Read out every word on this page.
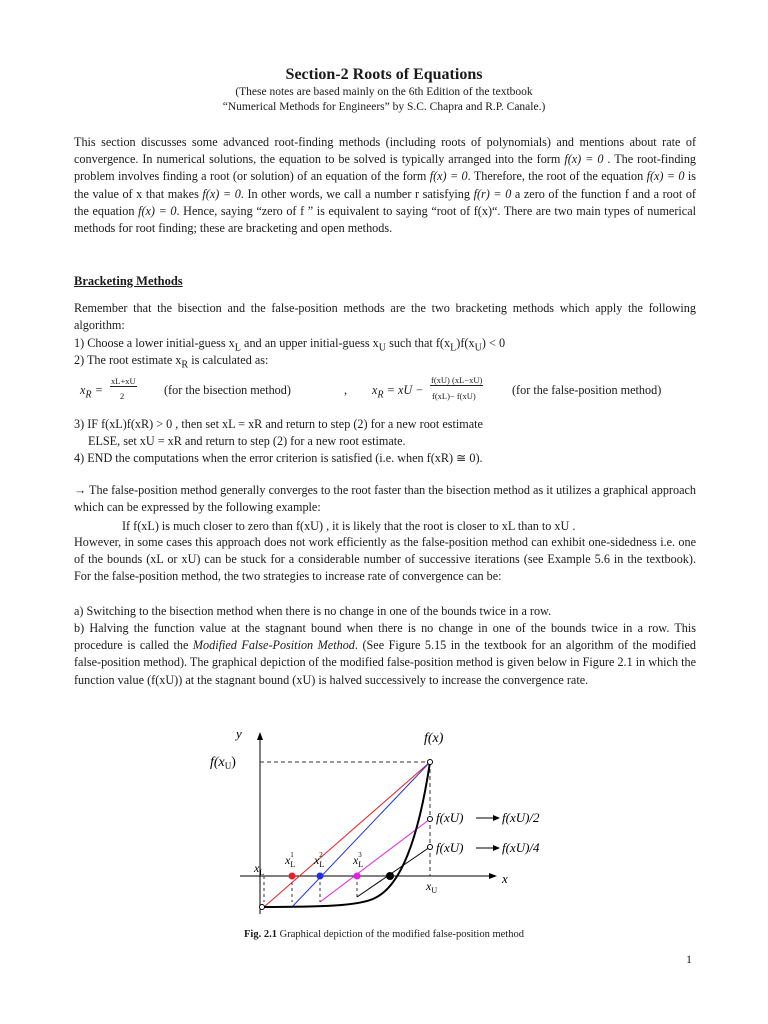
Section-2 Roots of Equations
(These notes are based mainly on the 6th Edition of the textbook
“Numerical Methods for Engineers” by S.C. Chapra and R.P. Canale.)

This section discusses some advanced root-finding methods (including roots of polynomials) and mentions about rate of convergence. In numerical solutions, the equation to be solved is typically arranged into the form f(x) = 0 . The root-finding problem involves finding a root (or solution) of an equation of the form f(x) = 0. Therefore, the root of the equation f(x) = 0 is the value of x that makes f(x) = 0. In other words, we call a number r satisfying f(r) = 0 a zero of the function f and a root of the equation f(x) = 0. Hence, saying “zero of f ” is equivalent to saying “root of f(x)“. There are two main types of numerical methods for root finding; these are bracketing and open methods.

Bracketing Methods

Remember that the bisection and the false-position methods are the two bracketing methods which apply the following algorithm:

1) Choose a lower initial-guess $x_L$ and an upper initial-guess $x_U$ such that $f(x_L)f(x_U) < 0$
2) The root estimate $x_R$ is calculated as:
$x_R$ =
xL+xU
2	(for the bisection method)	, $x_R$ = xU −
f(xU) (xL−xU)
f(xL)− f(xU)	(for the false-position method)
3) IF f(xL)f(xR) > 0 , then set xL = xR and return to step (2) for a new root estimate
ELSE, set xU = xR and return to step (2) for a new root estimate.
4) END the computations when the error criterion is satisfied (i.e. when f(xR) ≅ 0).

→ The false-position method generally converges to the root faster than the bisection method as it utilizes a graphical approach which can be expressed by the following example:

If f(xL) is much closer to zero than f(xU) , it is likely that the root is closer to xL than to xU .

However, in some cases this approach does not work efficiently as the false-position method can exhibit one-sidedness i.e. one of the bounds (xL or xU) can be stuck for a considerable number of successive iterations (see Example 5.6 in the textbook). For the false-position method, the two strategies to increase rate of convergence can be:

a) Switching to the bisection method when there is no change in one of the bounds twice in a row.

b) Halving the function value at the stagnant bound when there is no change in one of the bounds twice in a row. This procedure is called the Modified False-Position Method. (See Figure 5.15 in the textbook for an algorithm of the modified false-position method). The graphical depiction of the modified false-position method is given below in Figure 2.1 in which the function value (f(xU)) at the stagnant bound (xU) is halved successively to increase the convergence rate.

y
x
f(x)
$f(x_U)$
$x_L$
$x_L1$ $x_L2$	$x_L3$
$x_U$
f(xU)	f(xU)/2
f(xU)	f(xU)/4
Fig. 2.1 Graphical depiction of the modified false-position method
1
